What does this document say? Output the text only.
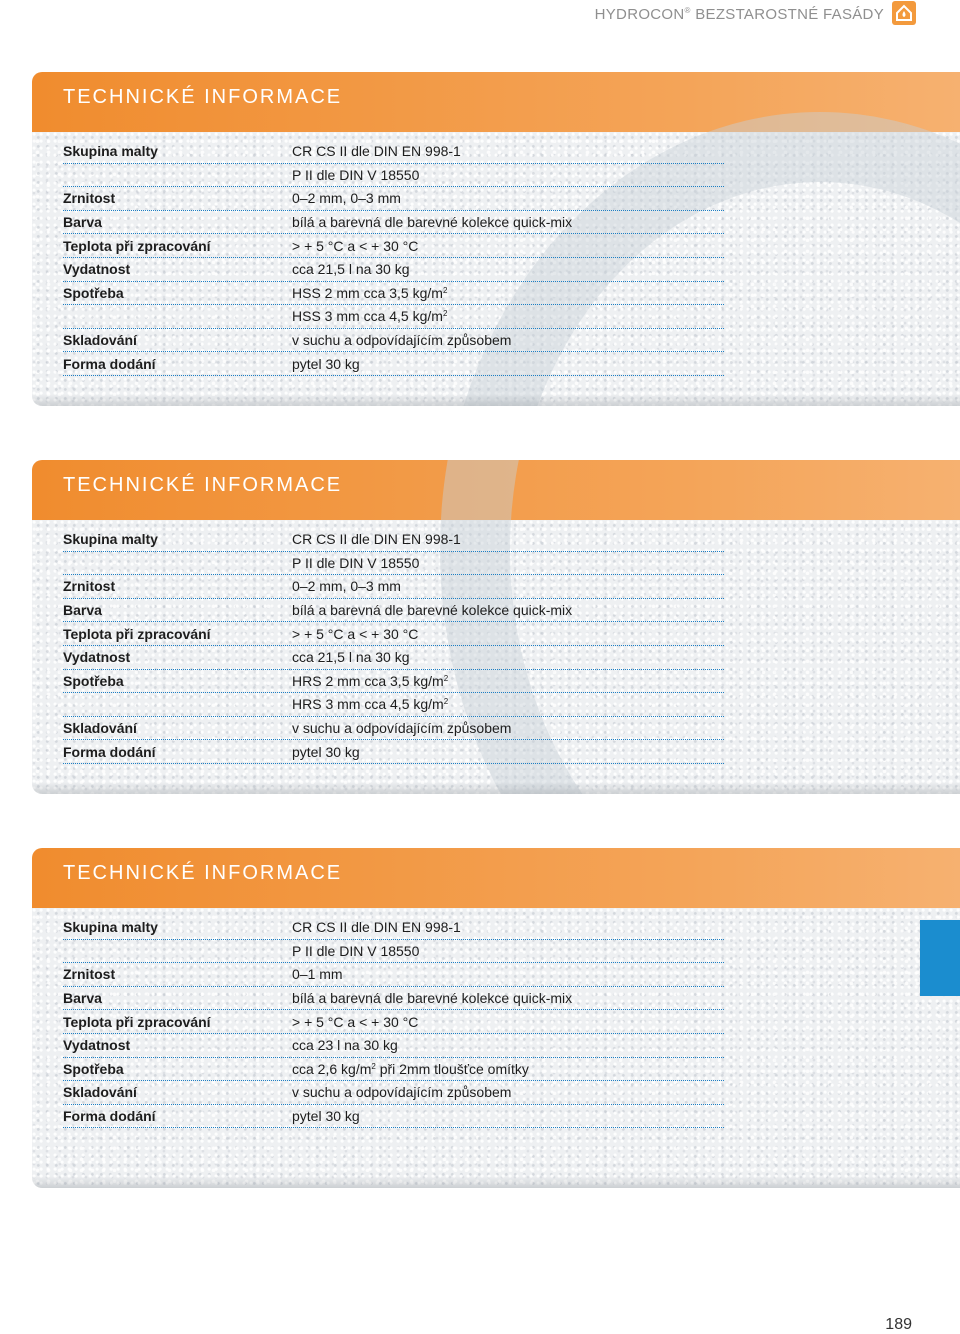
HYDROCON® BEZSTAROSTNÉ FASÁDY
TECHNICKÉ INFORMACE
Skupina malty	CR CS II dle DIN EN 998-1
P II dle DIN V 18550
Zrnitost	0–2 mm, 0–3 mm
Barva	bílá a barevná dle barevné kolekce quick-mix
Teplota při zpracování	> + 5 °C a < + 30 °C
Vydatnost	cca 21,5 l na 30 kg
Spotřeba	HSS 2 mm cca 3,5 $kg/m^2$
HSS 3 mm cca 4,5 $kg/m^2$
Skladování	v suchu a odpovídajícím způsobem
Forma dodání	pytel 30 kg
TECHNICKÉ INFORMACE
Skupina malty	CR CS II dle DIN EN 998-1
P II dle DIN V 18550
Zrnitost	0–2 mm, 0–3 mm
Barva	bílá a barevná dle barevné kolekce quick-mix
Teplota při zpracování	> + 5 °C a < + 30 °C
Vydatnost	cca 21,5 l na 30 kg
Spotřeba	HRS 2 mm cca 3,5 $kg/m^2$
HRS 3 mm cca 4,5 $kg/m^2$
Skladování	v suchu a odpovídajícím způsobem
Forma dodání	pytel 30 kg
TECHNICKÉ INFORMACE
Skupina malty	CR CS II dle DIN EN 998-1
P II dle DIN V 18550
Zrnitost	0–1 mm
Barva	bílá a barevná dle barevné kolekce quick-mix
Teplota při zpracování	> + 5 °C a < + 30 °C
Vydatnost	cca 23 l na 30 kg
Spotřeba	cca 2,6 $kg/m^2$ při 2mm tloušťce omítky
Skladování	v suchu a odpovídajícím způsobem
Forma dodání	pytel 30 kg
189
